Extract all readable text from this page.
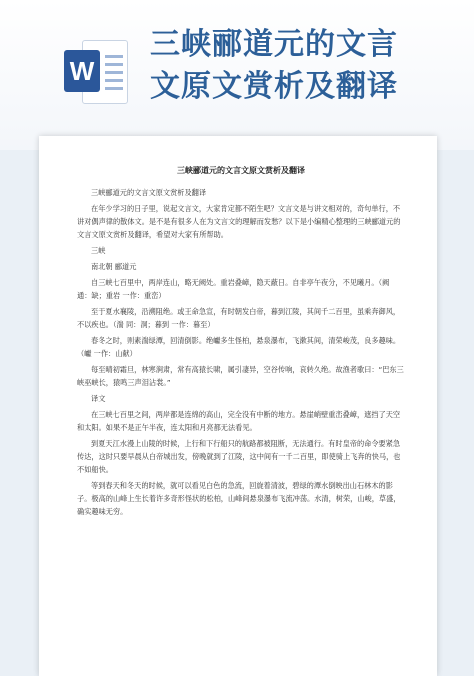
W
三峡郦道元的文言
文原文赏析及翻译
三峡郦道元的文言文原文赏析及翻译

三峡郦道元的文言文原文赏析及翻译

在年少学习的日子里，说起文言文，大家肯定都不陌生吧？文言文是与讲文相对的，奇句单行，不讲对偶声律的散体文。是不是有很多人在为文言文的理解而发愁？以下是小编精心整理的三峡郦道元的文言文原文赏析及翻译，希望对大家有所帮助。

三峡

南北朝 郦道元

自三峡七百里中，两岸连山，略无阙处。重岩叠嶂，隐天蔽日。自非亭午夜分，不见曦月。（阙 通：缺；重岩 一作：重峦）

至于夏水襄陵，沿溯阻绝。或王命急宣，有时朝发白帝，暮到江陵，其间千二百里，虽乘奔御风，不以疾也。（湍 同：洞；暮到 一作：暮至）

春冬之时，则素湍绿潭，回清倒影。绝巘多生怪柏，悬泉瀑布，飞漱其间，清荣峻茂，良多趣味。（巘 一作：山献）

每至晴初霜旦，林寒涧肃，常有高猿长啸，属引凄异，空谷传响，哀转久绝。故渔者歌曰：“巴东三峡巫峡长，猿鸣三声泪沾裳。”

译文

在三峡七百里之间，两岸都是连绵的高山，完全没有中断的地方。悬崖峭壁重峦叠嶂，遮挡了天空和太阳。如果不是正午半夜，连太阳和月亮都无法看见。

到夏天江水漫上山陵的时候，上行和下行船只的航路都被阻断，无法通行。有时皇帝的命令要紧急传达，这时只要早晨从白帝城出发，傍晚就到了江陵，这中间有一千二百里，即使骑上飞奔的快马，也不如船快。

等到春天和冬天的时候，就可以看见白色的急流，回旋着清波，碧绿的潭水倒映出山石林木的影子。极高的山峰上生长着许多奇形怪状的松柏，山峰间悬泉瀑布飞流冲荡。水清，树荣，山峻，草盛，确实趣味无穷。
